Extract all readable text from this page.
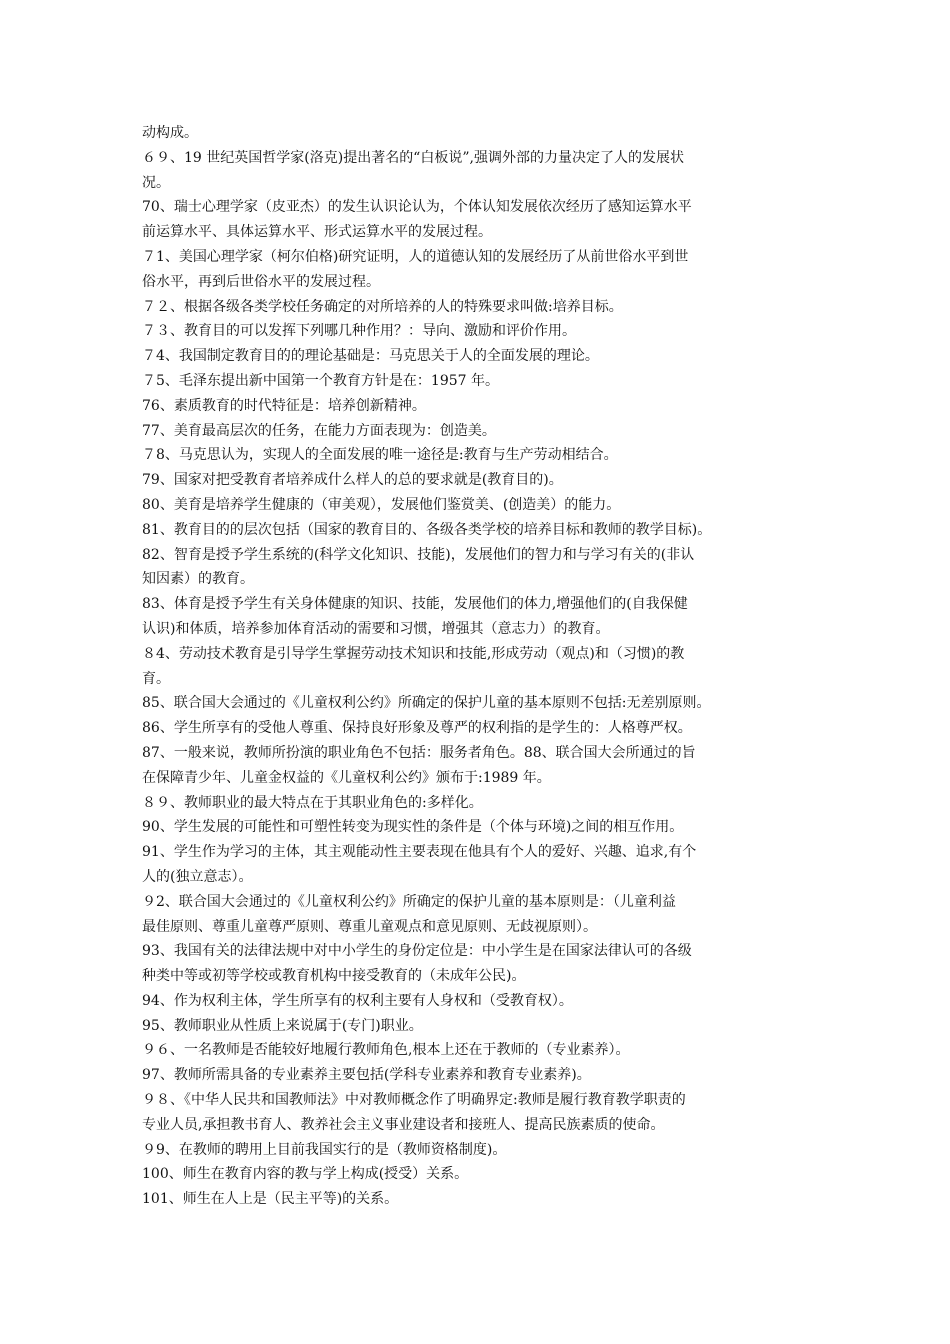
动构成。
６９、19 世纪英国哲学家(洛克)提出著名的“白板说”,强调外部的力量决定了人的发展状
况。
70、瑞士心理学家（皮亚杰）的发生认识论认为，个体认知发展依次经历了感知运算水平
前运算水平、具体运算水平、形式运算水平的发展过程。
７1、美国心理学家（柯尔伯格)研究证明，人的道德认知的发展经历了从前世俗水平到世
俗水平，再到后世俗水平的发展过程。
７２、根据各级各类学校任务确定的对所培养的人的特殊要求叫做:培养目标。
７３、教育目的可以发挥下列哪几种作用？：导向、激励和评价作用。
７4、我国制定教育目的的理论基础是：马克思关于人的全面发展的理论。
７5、毛泽东提出新中国第一个教育方针是在：1957 年。
76、素质教育的时代特征是：培养创新精神。
77、美育最高层次的任务，在能力方面表现为：创造美。
７8、马克思认为，实现人的全面发展的唯一途径是:教育与生产劳动相结合。
79、国家对把受教育者培养成什么样人的总的要求就是(教育目的)。
80、美育是培养学生健康的（审美观），发展他们鉴赏美、(创造美）的能力。
81、教育目的的层次包括（国家的教育目的、各级各类学校的培养目标和教师的教学目标)。
82、智育是授予学生系统的(科学文化知识、技能)，发展他们的智力和与学习有关的(非认
知因素）的教育。
83、体育是授予学生有关身体健康的知识、技能，发展他们的体力,增强他们的(自我保健
认识)和体质，培养参加体育活动的需要和习惯，增强其（意志力）的教育。
８4、劳动技术教育是引导学生掌握劳动技术知识和技能,形成劳动（观点)和（习惯)的教
育。
85、联合国大会通过的《儿童权利公约》所确定的保护儿童的基本原则不包括:无差别原则。
86、学生所享有的受他人尊重、保持良好形象及尊严的权利指的是学生的：人格尊严权。
87、一般来说，教师所扮演的职业角色不包括：服务者角色。88、联合国大会所通过的旨
在保障青少年、儿童金权益的《儿童权利公约》颁布于:1989 年。
８９、教师职业的最大特点在于其职业角色的:多样化。
90、学生发展的可能性和可塑性转变为现实性的条件是（个体与环境)之间的相互作用。
91、学生作为学习的主体，其主观能动性主要表现在他具有个人的爱好、兴趣、追求,有个
人的(独立意志）。
９2、联合国大会通过的《儿童权利公约》所确定的保护儿童的基本原则是：（儿童利益
最佳原则、尊重儿童尊严原则、尊重儿童观点和意见原则、无歧视原则）。
93、我国有关的法律法规中对中小学生的身份定位是：中小学生是在国家法律认可的各级
种类中等或初等学校或教育机构中接受教育的（未成年公民)。
94、作为权利主体，学生所享有的权利主要有人身权和（受教育权）。
95、教师职业从性质上来说属于(专门)职业。
９６、一名教师是否能较好地履行教师角色,根本上还在于教师的（专业素养）。
97、教师所需具备的专业素养主要包括(学科专业素养和教育专业素养)。
９８、《中华人民共和国教师法》中对教师概念作了明确界定:教师是履行教育教学职责的
专业人员,承担教书育人、教养社会主义事业建设者和接班人、提高民族素质的使命。
９9、在教师的聘用上目前我国实行的是（教师资格制度)。
100、师生在教育内容的教与学上构成(授受）关系。
101、师生在人上是（民主平等)的关系。
